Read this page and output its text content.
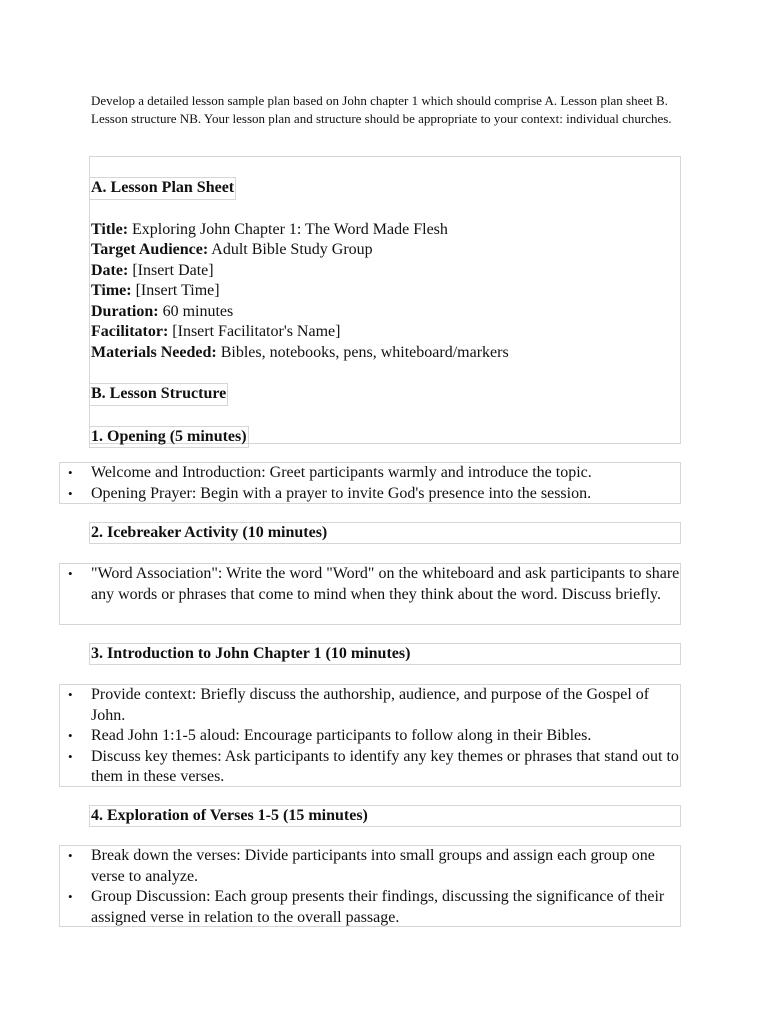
Develop a detailed lesson sample plan based on John chapter 1 which should comprise A. Lesson plan sheet B. Lesson structure NB. Your lesson plan and structure should be appropriate to your context: individual churches.
A. Lesson Plan Sheet
Title: Exploring John Chapter 1: The Word Made Flesh
Target Audience: Adult Bible Study Group
Date: [Insert Date]
Time: [Insert Time]
Duration: 60 minutes
Facilitator: [Insert Facilitator's Name]
Materials Needed: Bibles, notebooks, pens, whiteboard/markers
B. Lesson Structure
1. Opening (5 minutes)
• Welcome and Introduction: Greet participants warmly and introduce the topic.
• Opening Prayer: Begin with a prayer to invite God's presence into the session.
2. Icebreaker Activity (10 minutes)
• "Word Association": Write the word "Word" on the whiteboard and ask participants to share any words or phrases that come to mind when they think about the word. Discuss briefly.
3. Introduction to John Chapter 1 (10 minutes)
• Provide context: Briefly discuss the authorship, audience, and purpose of the Gospel of John.
• Read John 1:1-5 aloud: Encourage participants to follow along in their Bibles.
• Discuss key themes: Ask participants to identify any key themes or phrases that stand out to them in these verses.
4. Exploration of Verses 1-5 (15 minutes)
• Break down the verses: Divide participants into small groups and assign each group one verse to analyze.
• Group Discussion: Each group presents their findings, discussing the significance of their assigned verse in relation to the overall passage.
